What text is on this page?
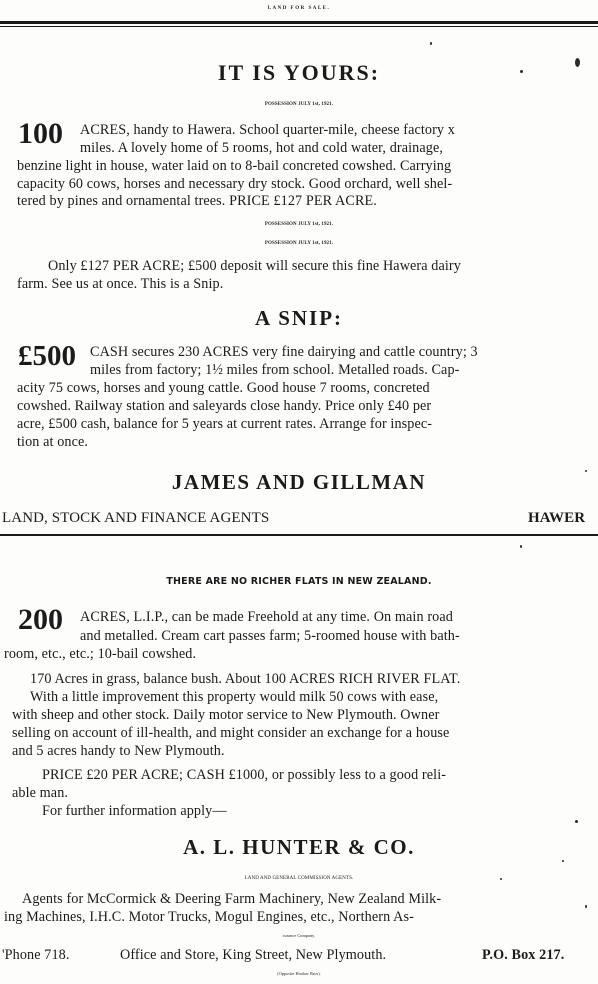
LAND FOR SALE.
IT IS YOURS:
POSSESSION JULY 1st, 1921.
100 ACRES, handy to Hawera. School quarter-mile, cheese factory x
miles. A lovely home of 5 rooms, hot and cold water, drainage,
benzine light in house, water laid on to 8-bail concreted cowshed. Carrying
capacity 60 cows, horses and necessary dry stock. Good orchard, well shel-
tered by pines and ornamental trees. PRICE £127 PER ACRE.
POSSESSION JULY 1st, 1921.
POSSESSION JULY 1st, 1921.
Only £127 PER ACRE; £500 deposit will secure this fine Hawera dairy
farm. See us at once. This is a Snip.
A SNIP:
£500 CASH secures 230 ACRES very fine dairying and cattle country; 3
miles from factory; 1½ miles from school. Metalled roads. Cap-
acity 75 cows, horses and young cattle. Good house 7 rooms, concreted
cowshed. Railway station and saleyards close handy. Price only £40 per
acre, £500 cash, balance for 5 years at current rates. Arrange for inspec-
tion at once.
JAMES AND GILLMAN
LAND, STOCK AND FINANCE AGENTS	HAWER
THERE ARE NO RICHER FLATS IN NEW ZEALAND.
200 ACRES, L.I.P., can be made Freehold at any time. On main road
and metalled. Cream cart passes farm; 5-roomed house with bath-
room, etc., etc.; 10-bail cowshed.
170 Acres in grass, balance bush. About 100 ACRES RICH RIVER FLAT.
With a little improvement this property would milk 50 cows with ease,
with sheep and other stock. Daily motor service to New Plymouth. Owner
selling on account of ill-health, and might consider an exchange for a house
and 5 acres handy to New Plymouth.
PRICE £20 PER ACRE; CASH £1000, or possibly less to a good reli-
able man.
For further information apply—
A. L. HUNTER & CO.
LAND AND GENERAL COMMISSION AGENTS.
Agents for McCormick & Deering Farm Machinery, New Zealand Milk-
ing Machines, I.H.C. Motor Trucks, Mogul Engines, etc., Northern As-
surance Company.
'Phone 718.	Office and Store, King Street, New Plymouth.	P.O. Box 217.
(Opposite Hooker Bros).
